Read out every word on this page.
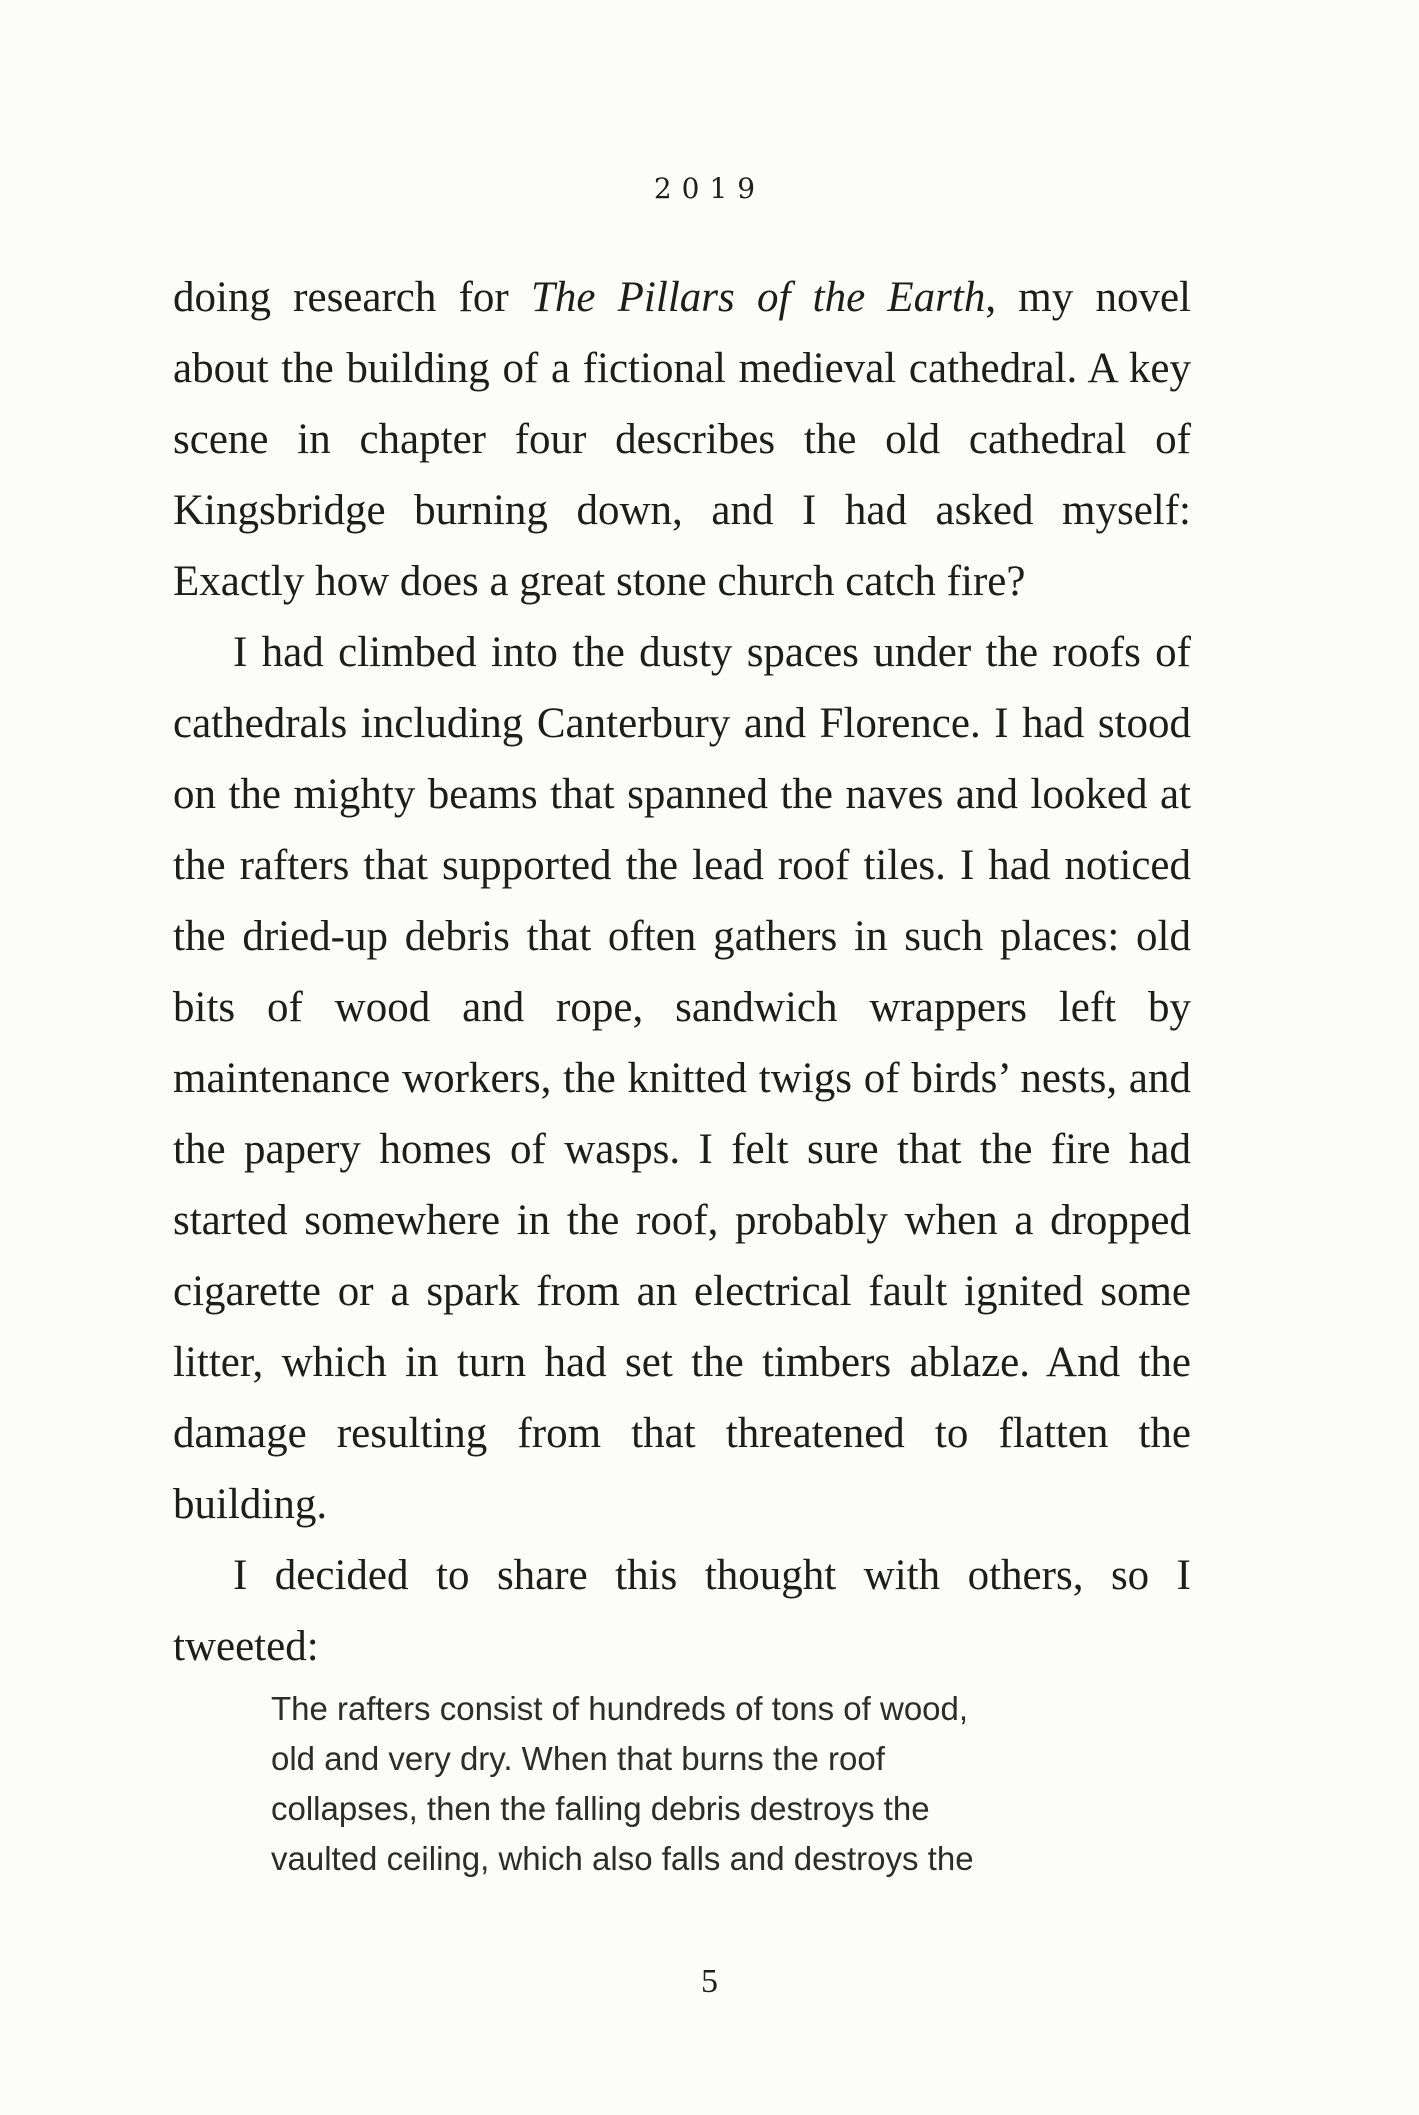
2019

doing research for The Pillars of the Earth, my novel about the building of a fictional medieval cathedral. A key scene in chapter four describes the old cathedral of Kingsbridge burning down, and I had asked myself: Exactly how does a great stone church catch fire?

I had climbed into the dusty spaces under the roofs of cathedrals including Canterbury and Florence. I had stood on the mighty beams that spanned the naves and looked at the rafters that supported the lead roof tiles. I had noticed the dried-up debris that often gathers in such places: old bits of wood and rope, sandwich wrappers left by maintenance workers, the knitted twigs of birds’ nests, and the papery homes of wasps. I felt sure that the fire had started somewhere in the roof, probably when a dropped cigarette or a spark from an electrical fault ignited some litter, which in turn had set the timbers ablaze. And the damage resulting from that threatened to flatten the building.

I decided to share this thought with others, so I tweeted:

The rafters consist of hundreds of tons of wood,
old and very dry. When that burns the roof
collapses, then the falling debris destroys the
vaulted ceiling, which also falls and destroys the
5
